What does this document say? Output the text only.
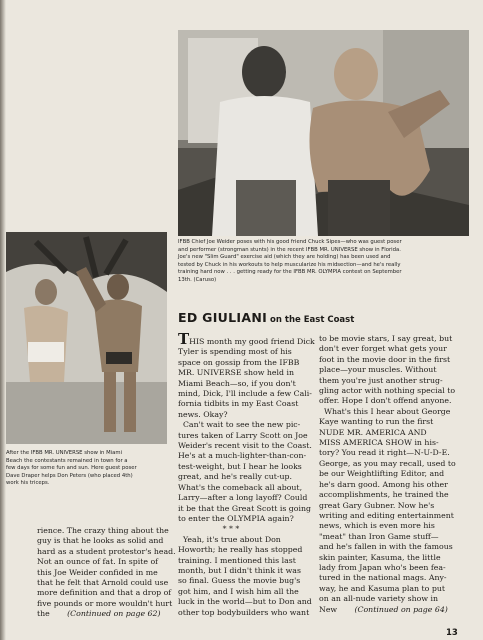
IFBB Chief Joe Weider poses with his good friend Chuck Sipes—who was guest poser
and performer (strongman stunts) in the recent IFBB MR. UNIVERSE show in Florida.
Joe's new "Slim Guard" exercise aid (which they are holding) has been used and
tested by Chuck in his workouts to help muscularize his midsection—and he's really
training hard now . . . getting ready for the IFBB MR. OLYMPIA contest on September
13th. (Caruso)
After the IFBB MR. UNIVERSE show in Miami
Beach the contestants remained in town for a
few days for some fun and sun. Here guest poser
Dave Draper helps Don Peters (who placed 4th)
work his triceps.
rience. The crazy thing about the
guy is that he looks as solid and
hard as a student protestor's head.
Not an ounce of fat. In spite of
this Joe Weider confided in me
that he felt that Arnold could use
more definition and that a drop of
five pounds or more wouldn't hurt
the (Continued on page 62)
ED GIULIANI on the East Coast
THIS month my good friend Dick
Tyler is spending most of his
space on gossip from the IFBB
MR. UNIVERSE show held in
Miami Beach—so, if you don't
mind, Dick, I'll include a few Cali-
fornia tidbits in my East Coast
news. Okay?
Can't wait to see the new pic-
tures taken of Larry Scott on Joe
Weider's recent visit to the Coast.
He's at a much-lighter-than-con-
test-weight, but I hear he looks
great, and he's really cut-up.
What's the comeback all about,
Larry—after a long layoff? Could
it be that the Great Scott is going
to enter the OLYMPIA again?
* * *
Yeah, it's true about Don
Howorth; he really has stopped
training. I mentioned this last
month, but I didn't think it was
so final. Guess the movie bug's
got him, and I wish him all the
luck in the world—but to Don and
other top bodybuilders who want
to be movie stars, I say great, but
don't ever forget what gets your
foot in the movie door in the first
place—your muscles. Without
them you're just another strug-
gling actor with nothing special to
offer. Hope I don't offend anyone.
What's this I hear about George
Kaye wanting to run the first
NUDE MR. AMERICA AND
MISS AMERICA SHOW in his-
tory? You read it right—N-U-D-E.
George, as you may recall, used to
be our Weightlifting Editor, and
he's darn good. Among his other
accomplishments, he trained the
great Gary Gubner. Now he's
writing and editing entertainment
news, which is even more his
"meat" than Iron Game stuff—
and he's fallen in with the famous
skin painter, Kasuma, the little
lady from Japan who's been fea-
tured in the national mags. Any-
way, he and Kasuma plan to put
on an all-nude variety show in
New (Continued on page 64)
13
